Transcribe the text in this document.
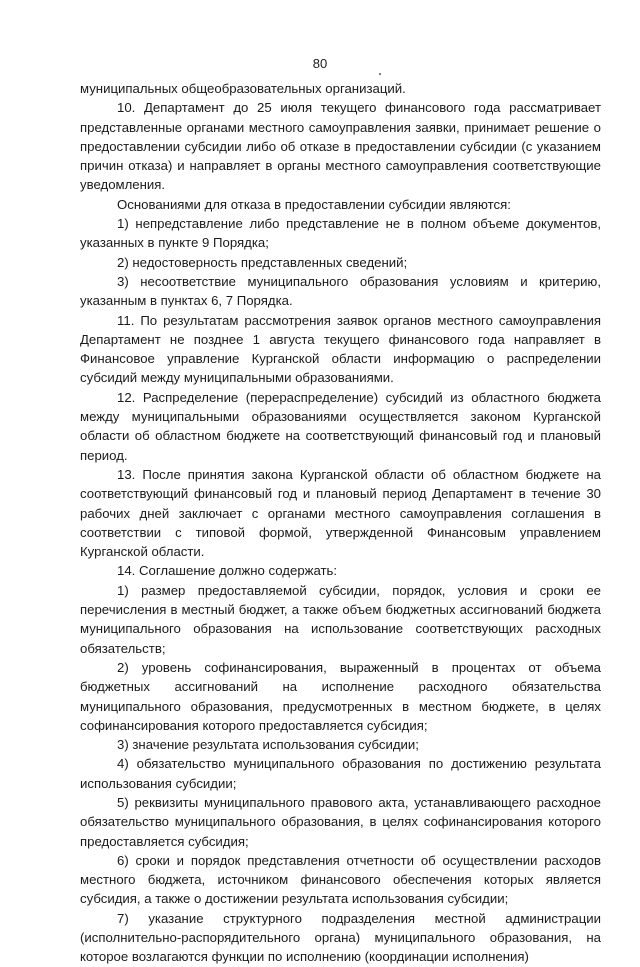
80

муниципальных общеобразовательных организаций.

10. Департамент до 25 июля текущего финансового года рассматривает представленные органами местного самоуправления заявки, принимает решение о предоставлении субсидии либо об отказе в предоставлении субсидии (с указанием причин отказа) и направляет в органы местного самоуправления соответствующие уведомления.

Основаниями для отказа в предоставлении субсидии являются:

1) непредставление либо представление не в полном объеме документов, указанных в пункте 9 Порядка;

2) недостоверность представленных сведений;

3) несоответствие муниципального образования условиям и критерию, указанным в пунктах 6, 7 Порядка.

11. По результатам рассмотрения заявок органов местного самоуправления Департамент не позднее 1 августа текущего финансового года направляет в Финансовое управление Курганской области информацию о распределении субсидий между муниципальными образованиями.

12. Распределение (перераспределение) субсидий из областного бюджета между муниципальными образованиями осуществляется законом Курганской области об областном бюджете на соответствующий финансовый год и плановый период.

13. После принятия закона Курганской области об областном бюджете на соответствующий финансовый год и плановый период Департамент в течение 30 рабочих дней заключает с органами местного самоуправления соглашения в соответствии с типовой формой, утвержденной Финансовым управлением Курганской области.

14. Соглашение должно содержать:

1) размер предоставляемой субсидии, порядок, условия и сроки ее перечисления в местный бюджет, а также объем бюджетных ассигнований бюджета муниципального образования на использование соответствующих расходных обязательств;

2) уровень софинансирования, выраженный в процентах от объема бюджетных ассигнований на исполнение расходного обязательства муниципального образования, предусмотренных в местном бюджете, в целях софинансирования которого предоставляется субсидия;

3) значение результата использования субсидии;

4) обязательство муниципального образования по достижению результата использования субсидии;

5) реквизиты муниципального правового акта, устанавливающего расходное обязательство муниципального образования, в целях софинансирования которого предоставляется субсидия;

6) сроки и порядок представления отчетности об осуществлении расходов местного бюджета, источником финансового обеспечения которых является субсидия, а также о достижении результата использования субсидии;

7) указание структурного подразделения местной администрации (исполнительно-распорядительного органа) муниципального образования, на которое возлагаются функции по исполнению (координации исполнения)
